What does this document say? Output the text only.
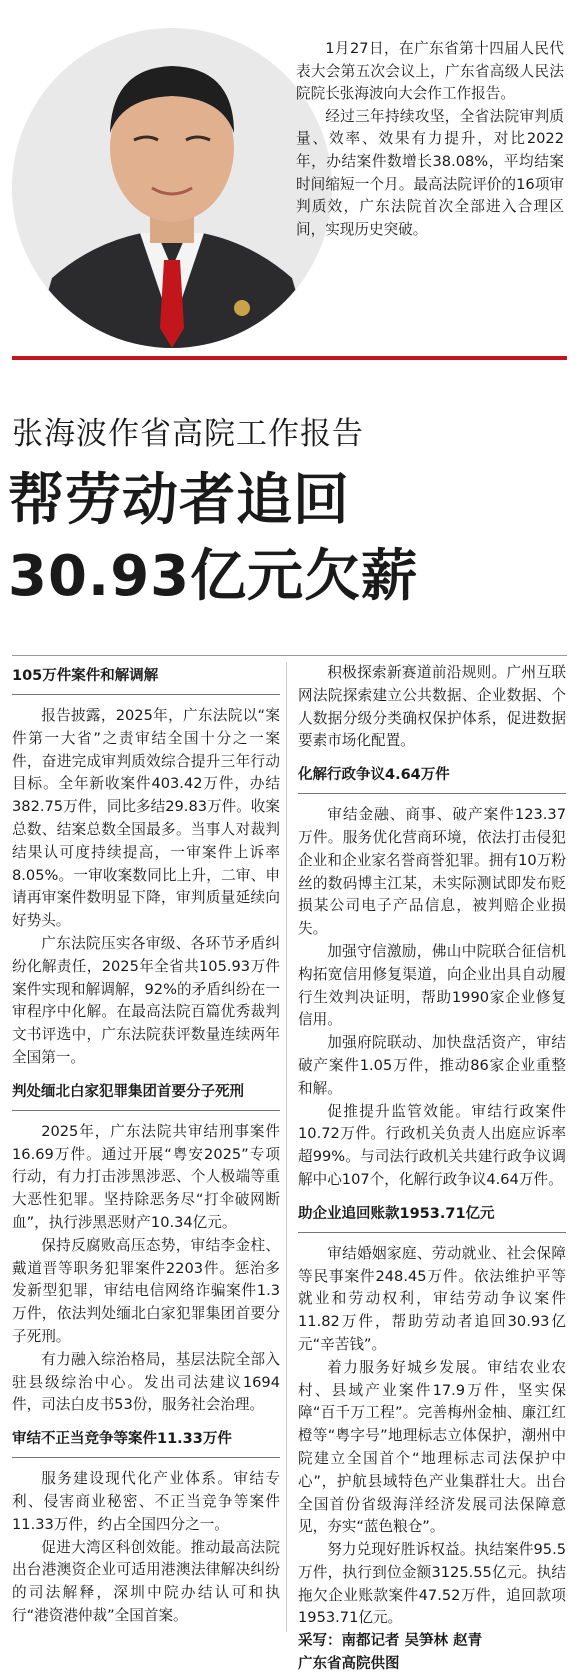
1月27日，在广东省第十四届人民代表大会第五次会议上，广东省高级人民法院院长张海波向大会作工作报告。

经过三年持续攻坚，全省法院审判质量、效率、效果有力提升，对比2022年，办结案件数增长38.08%，平均结案时间缩短一个月。最高法院评价的16项审判质效，广东法院首次全部进入合理区间，实现历史突破。

张海波作省高院工作报告
帮劳动者追回
30.93亿元欠薪
105万件案件和解调解

报告披露，2025年，广东法院以“案件第一大省”之责审结全国十分之一案件，奋进完成审判质效综合提升三年行动目标。全年新收案件403.42万件，办结382.75万件，同比多结29.83万件。收案总数、结案总数全国最多。当事人对裁判结果认可度持续提高，一审案件上诉率8.05%。一审收案数同比上升，二审、申请再审案件数明显下降，审判质量延续向好势头。

广东法院压实各审级、各环节矛盾纠纷化解责任，2025年全省共105.93万件案件实现和解调解，92%的矛盾纠纷在一审程序中化解。在最高法院百篇优秀裁判文书评选中，广东法院获评数量连续两年全国第一。

判处缅北白家犯罪集团首要分子死刑

2025年，广东法院共审结刑事案件16.69万件。通过开展“粤安2025”专项行动，有力打击涉黑涉恶、个人极端等重大恶性犯罪。坚持除恶务尽“打伞破网断血”，执行涉黑恶财产10.34亿元。

保持反腐败高压态势，审结李金柱、戴道晋等职务犯罪案件2203件。惩治多发新型犯罪，审结电信网络诈骗案件1.3万件，依法判处缅北白家犯罪集团首要分子死刑。

有力融入综治格局，基层法院全部入驻县级综治中心。发出司法建议1694件，司法白皮书53份，服务社会治理。

审结不正当竞争等案件11.33万件

服务建设现代化产业体系。审结专利、侵害商业秘密、不正当竞争等案件11.33万件，约占全国四分之一。

促进大湾区科创效能。推动最高法院出台港澳资企业可适用港澳法律解决纠纷的司法解释，深圳中院办结认可和执行“港资港仲裁”全国首案。

积极探索新赛道前沿规则。广州互联网法院探索建立公共数据、企业数据、个人数据分级分类确权保护体系，促进数据要素市场化配置。

化解行政争议4.64万件

审结金融、商事、破产案件123.37万件。服务优化营商环境，依法打击侵犯企业和企业家名誉商誉犯罪。拥有10万粉丝的数码博主江某，未实际测试即发布贬损某公司电子产品信息，被判赔企业损失。

加强守信激励，佛山中院联合征信机构拓宽信用修复渠道，向企业出具自动履行生效判决证明，帮助1990家企业修复信用。

加强府院联动、加快盘活资产，审结破产案件1.05万件，推动86家企业重整和解。

促推提升监管效能。审结行政案件10.72万件。行政机关负责人出庭应诉率超99%。与司法行政机关共建行政争议调解中心107个，化解行政争议4.64万件。

助企业追回账款1953.71亿元

审结婚姻家庭、劳动就业、社会保障等民事案件248.45万件。依法维护平等就业和劳动权利，审结劳动争议案件11.82万件，帮助劳动者追回30.93亿元“辛苦钱”。

着力服务好城乡发展。审结农业农村、县域产业案件17.9万件，坚实保障“百千万工程”。完善梅州金柚、廉江红橙等“粤字号”地理标志立体保护，潮州中院建立全国首个“地理标志司法保护中心”，护航县域特色产业集群壮大。出台全国首份省级海洋经济发展司法保障意见，夯实“蓝色粮仓”。

努力兑现好胜诉权益。执结案件95.5万件，执行到位金额3125.55亿元。执结拖欠企业账款案件47.52万件，追回款项1953.71亿元。

采写：南都记者 吴笋林 赵青
广东省高院供图
